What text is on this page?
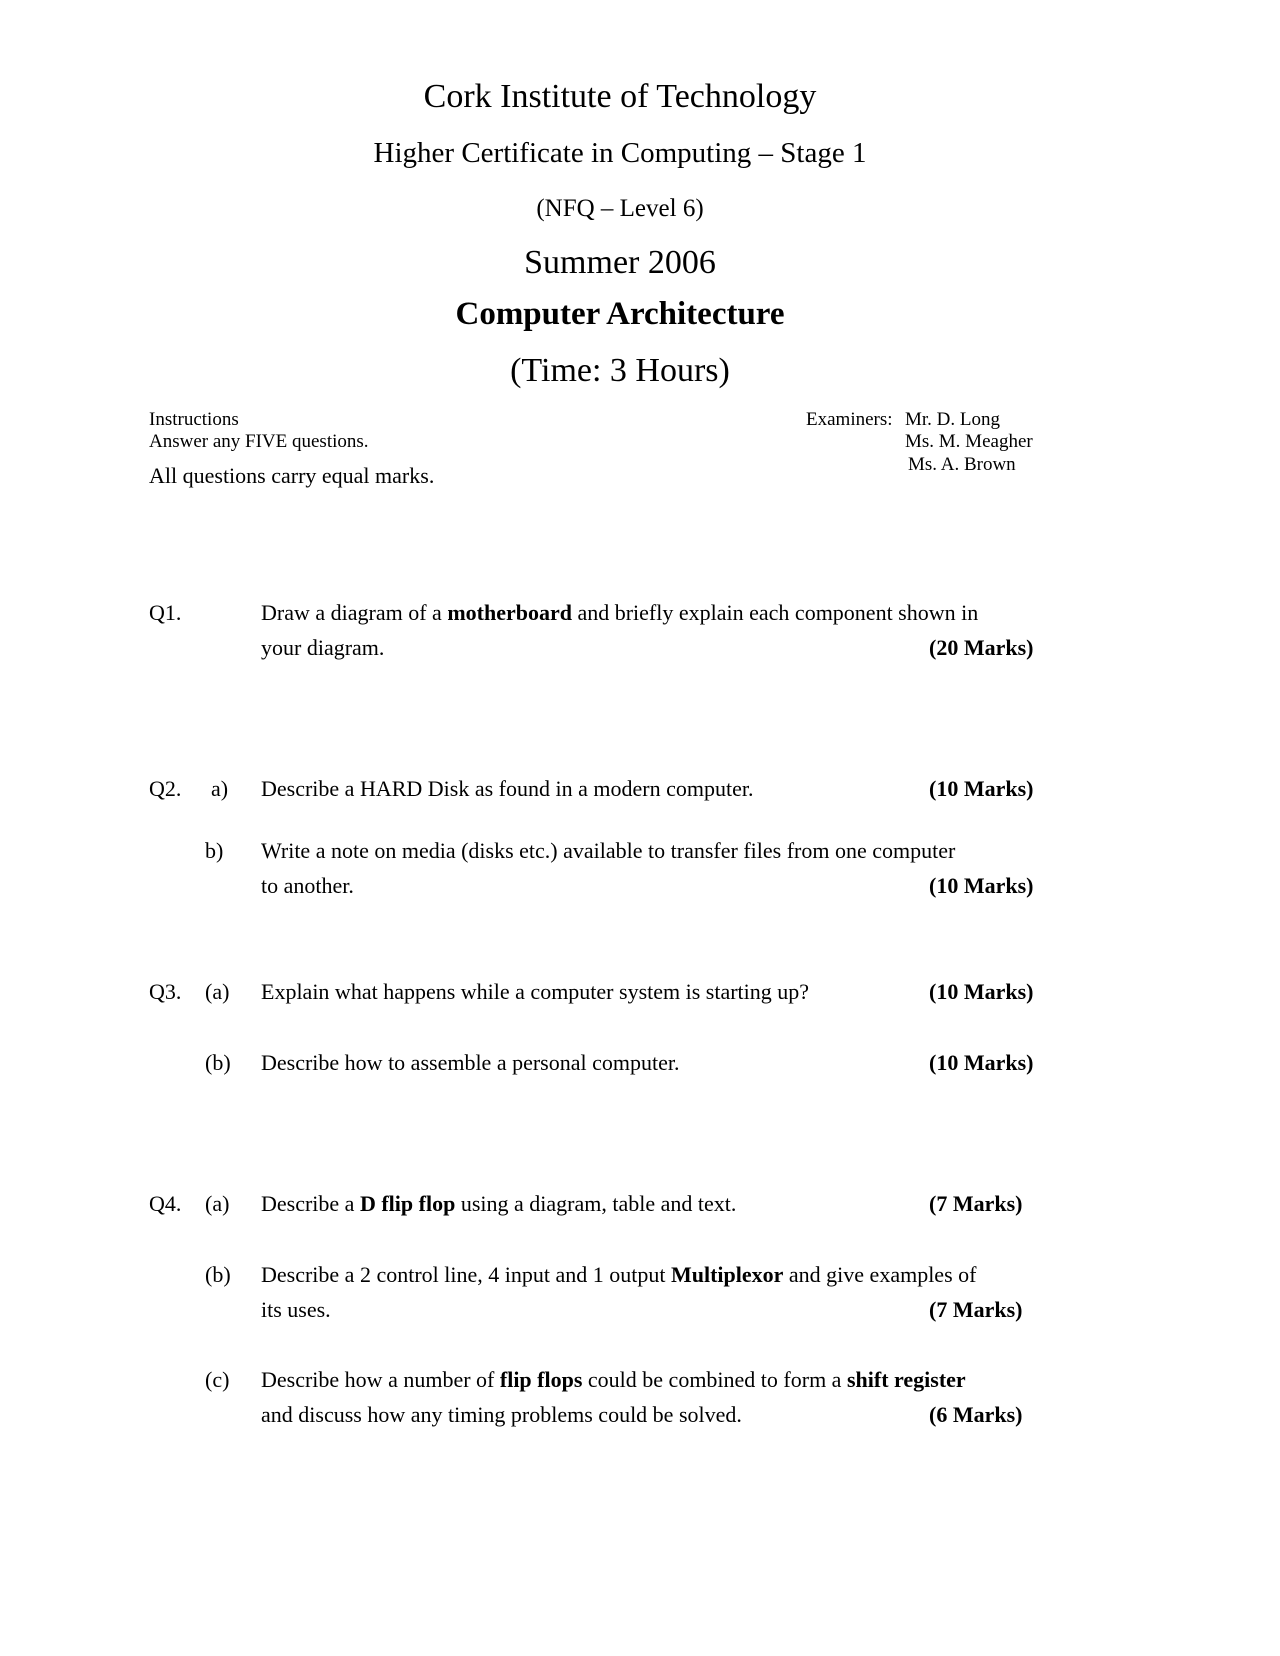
Cork Institute of Technology
Higher Certificate in Computing – Stage 1
(NFQ – Level 6)
Summer 2006
Computer Architecture
(Time: 3 Hours)
Instructions
Answer any FIVE questions.
All questions carry equal marks.
Examiners: Mr. D. Long
Ms. M. Meagher
Ms. A. Brown
Q1.	Draw a diagram of a motherboard and briefly explain each component shown in
your diagram.	(20 Marks)
Q2. a) Describe a HARD Disk as found in a modern computer.	(10 Marks)
b) Write a note on media (disks etc.) available to transfer files from one computer
to another.	(10 Marks)
Q3. (a) Explain what happens while a computer system is starting up?	(10 Marks)
(b) Describe how to assemble a personal computer.	(10 Marks)
Q4. (a) Describe a D flip flop using a diagram, table and text.	(7 Marks)
(b) Describe a 2 control line, 4 input and 1 output Multiplexor and give examples of
its uses.	(7 Marks)
(c) Describe how a number of flip flops could be combined to form a shift register
and discuss how any timing problems could be solved.	(6 Marks)
